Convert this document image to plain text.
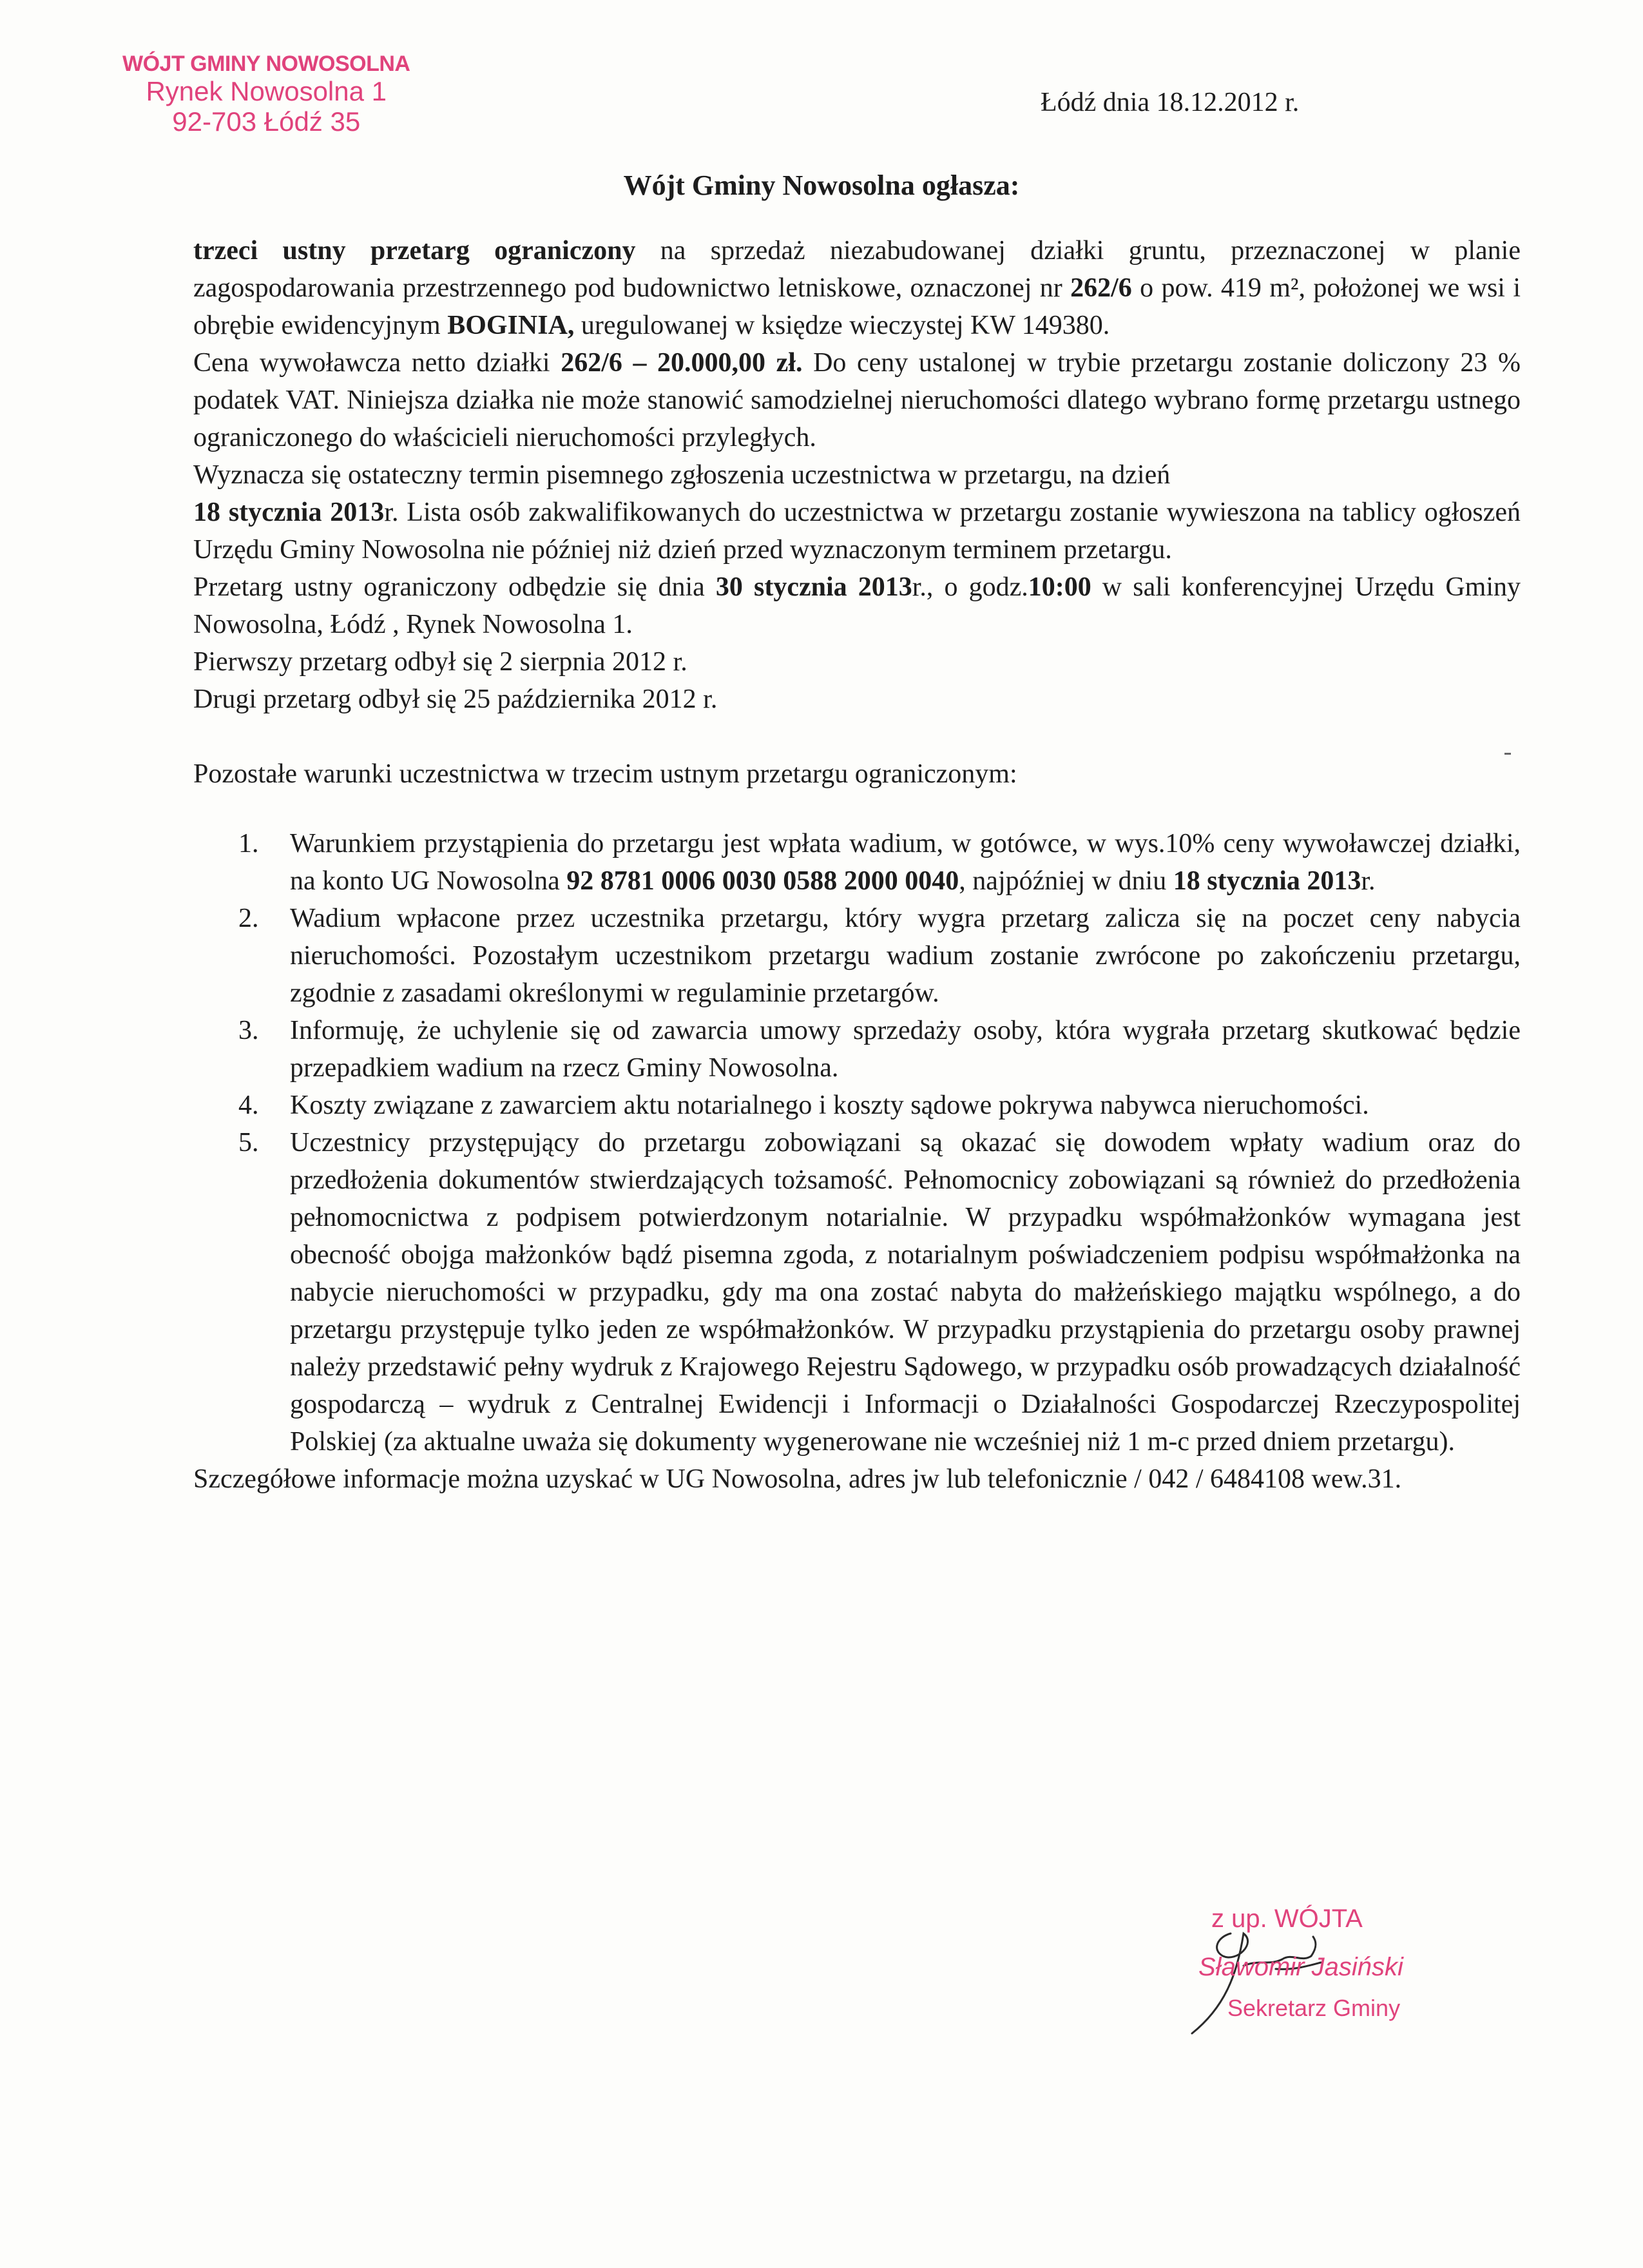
WÓJT GMINY NOWOSOLNA
Rynek Nowosolna 1
92-703 Łódź 35
Łódź dnia 18.12.2012 r.
Wójt Gminy Nowosolna ogłasza:

trzeci ustny przetarg ograniczony na sprzedaż niezabudowanej działki gruntu, przeznaczonej w planie zagospodarowania przestrzennego pod budownictwo letniskowe, oznaczonej nr 262/6 o pow. 419 m², położonej we wsi i obrębie ewidencyjnym BOGINIA, uregulowanej w księdze wieczystej KW 149380.

Cena wywoławcza netto działki 262/6 – 20.000,00 zł. Do ceny ustalonej w trybie przetargu zostanie doliczony 23 % podatek VAT. Niniejsza działka nie może stanowić samodzielnej nieruchomości dlatego wybrano formę przetargu ustnego ograniczonego do właścicieli nieruchomości przyległych.

Wyznacza się ostateczny termin pisemnego zgłoszenia uczestnictwa w przetargu, na dzień
18 stycznia 2013r. Lista osób zakwalifikowanych do uczestnictwa w przetargu zostanie wywieszona na tablicy ogłoszeń Urzędu Gminy Nowosolna nie później niż dzień przed wyznaczonym terminem przetargu.

Przetarg ustny ograniczony odbędzie się dnia 30 stycznia 2013r., o godz.10:00 w sali konferencyjnej Urzędu Gminy Nowosolna, Łódź , Rynek Nowosolna 1.

Pierwszy przetarg odbył się 2 sierpnia 2012 r.

Drugi przetarg odbył się 25 października 2012 r.

Pozostałe warunki uczestnictwa w trzecim ustnym przetargu ograniczonym:

1. Warunkiem przystąpienia do przetargu jest wpłata wadium, w gotówce, w wys.10% ceny wywoławczej działki, na konto UG Nowosolna 92 8781 0006 0030 0588 2000 0040, najpóźniej w dniu 18 stycznia 2013r.
2. Wadium wpłacone przez uczestnika przetargu, który wygra przetarg zalicza się na poczet ceny nabycia nieruchomości. Pozostałym uczestnikom przetargu wadium zostanie zwrócone po zakończeniu przetargu, zgodnie z zasadami określonymi w regulaminie przetargów.
3. Informuję, że uchylenie się od zawarcia umowy sprzedaży osoby, która wygrała przetarg skutkować będzie przepadkiem wadium na rzecz Gminy Nowosolna.
4. Koszty związane z zawarciem aktu notarialnego i koszty sądowe pokrywa nabywca nieruchomości.
5. Uczestnicy przystępujący do przetargu zobowiązani są okazać się dowodem wpłaty wadium oraz do przedłożenia dokumentów stwierdzających tożsamość. Pełnomocnicy zobowiązani są również do przedłożenia pełnomocnictwa z podpisem potwierdzonym notarialnie. W przypadku współmałżonków wymagana jest obecność obojga małżonków bądź pisemna zgoda, z notarialnym poświadczeniem podpisu współmałżonka na nabycie nieruchomości w przypadku, gdy ma ona zostać nabyta do małżeńskiego majątku wspólnego, a do przetargu przystępuje tylko jeden ze współmałżonków. W przypadku przystąpienia do przetargu osoby prawnej należy przedstawić pełny wydruk z Krajowego Rejestru Sądowego, w przypadku osób prowadzących działalność gospodarczą – wydruk z Centralnej Ewidencji i Informacji o Działalności Gospodarczej Rzeczypospolitej Polskiej (za aktualne uważa się dokumenty wygenerowane nie wcześniej niż 1 m-c przed dniem przetargu).

Szczegółowe informacje można uzyskać w UG Nowosolna, adres jw lub telefonicznie / 042 / 6484108 wew.31.

z up. WÓJTA
Sławomir Jasiński
Sekretarz Gminy
